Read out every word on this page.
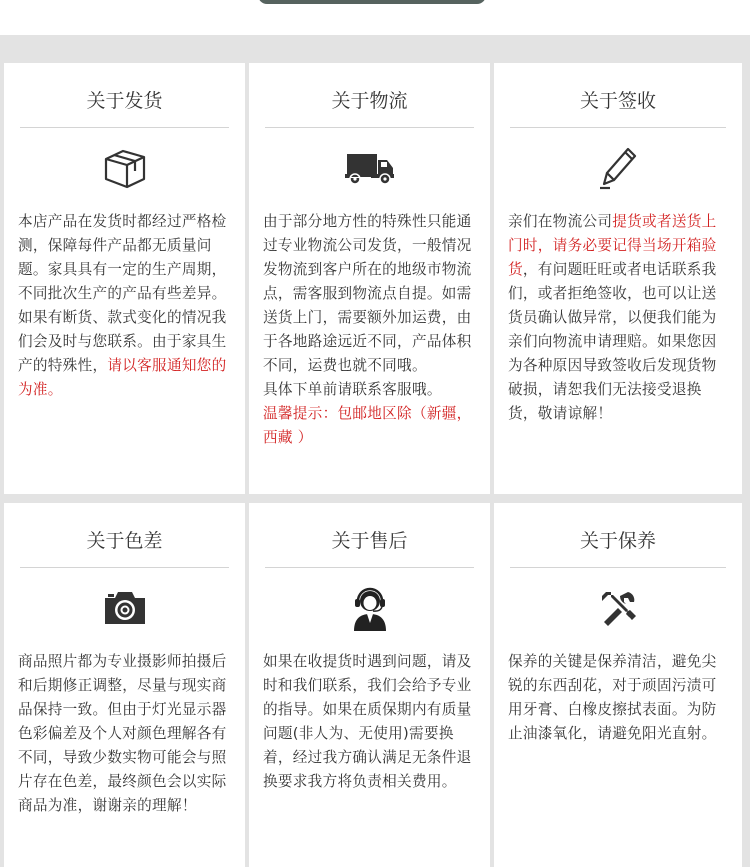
关于发货
本店产品在发货时都经过严格检测，保障每件产品都无质量问题。家具具有一定的生产周期，不同批次生产的产品有些差异。如果有断货、款式变化的情况我们会及时与您联系。由于家具生产的特殊性，请以客服通知您的为准。
关于物流
由于部分地方性的特殊性只能通过专业物流公司发货，一般情况发物流到客户所在的地级市物流点，需客服到物流点自提。如需送货上门，需要额外加运费，由于各地路途远近不同，产品体积不同，运费也就不同哦。
具体下单前请联系客服哦。
温馨提示：包邮地区除（新疆，西藏 ）
关于签收
亲们在物流公司提货或者送货上门时，请务必要记得当场开箱验货，有问题旺旺或者电话联系我们，或者拒绝签收，也可以让送货员确认做异常，以便我们能为亲们向物流申请理赔。如果您因为各种原因导致签收后发现货物破损，请恕我们无法接受退换货，敬请谅解！
关于色差
商品照片都为专业摄影师拍摄后和后期修正调整，尽量与现实商品保持一致。但由于灯光显示器色彩偏差及个人对颜色理解各有不同，导致少数实物可能会与照片存在色差，最终颜色会以实际商品为准，谢谢亲的理解！
关于售后
如果在收提货时遇到问题，请及时和我们联系，我们会给予专业的指导。如果在质保期内有质量问题(非人为、无使用)需要换着，经过我方确认满足无条件退换要求我方将负责相关费用。
关于保养
保养的关键是保养清洁，避免尖锐的东西刮花，对于顽固污渍可用牙膏、白橡皮擦拭表面。为防止油漆氧化，请避免阳光直射。
